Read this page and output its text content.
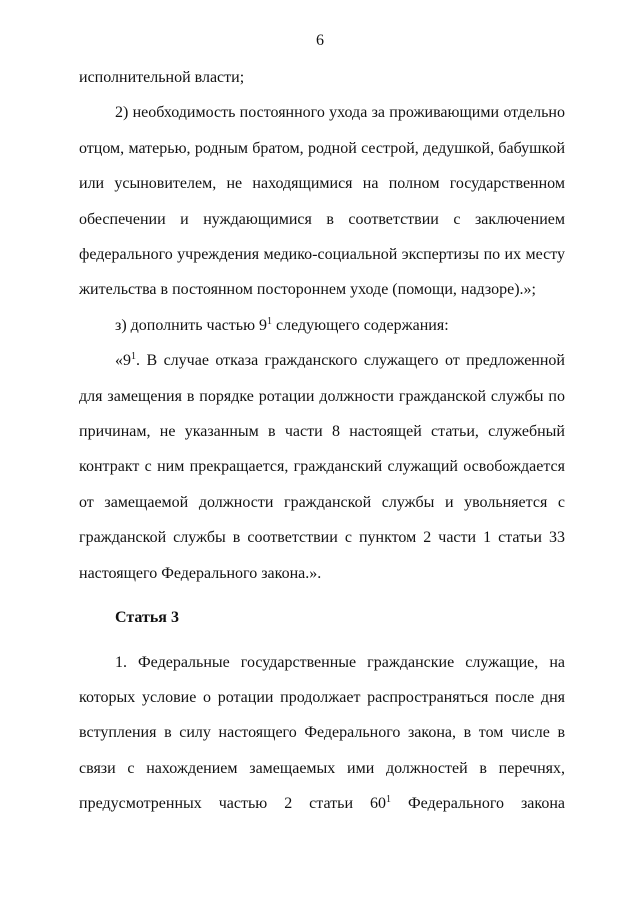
6

исполнительной власти;

2) необходимость постоянного ухода за проживающими отдельно отцом, матерью, родным братом, родной сестрой, дедушкой, бабушкой или усыновителем, не находящимися на полном государственном обеспечении и нуждающимися в соответствии с заключением федерального учреждения медико-социальной экспертизы по их месту жительства в постоянном постороннем уходе (помощи, надзоре).»;

з) дополнить частью $9^1$ следующего содержания:

«$9^1$. В случае отказа гражданского служащего от предложенной для замещения в порядке ротации должности гражданской службы по причинам, не указанным в части 8 настоящей статьи, служебный контракт с ним прекращается, гражданский служащий освобождается от замещаемой должности гражданской службы и увольняется с гражданской службы в соответствии с пунктом 2 части 1 статьи 33 настоящего Федерального закона.».

Статья 3

1. Федеральные государственные гражданские служащие, на которых условие о ротации продолжает распространяться после дня вступления в силу настоящего Федерального закона, в том числе в связи с нахождением замещаемых ими должностей в перечнях, предусмотренных частью 2 статьи $60^1$ Федерального закона
